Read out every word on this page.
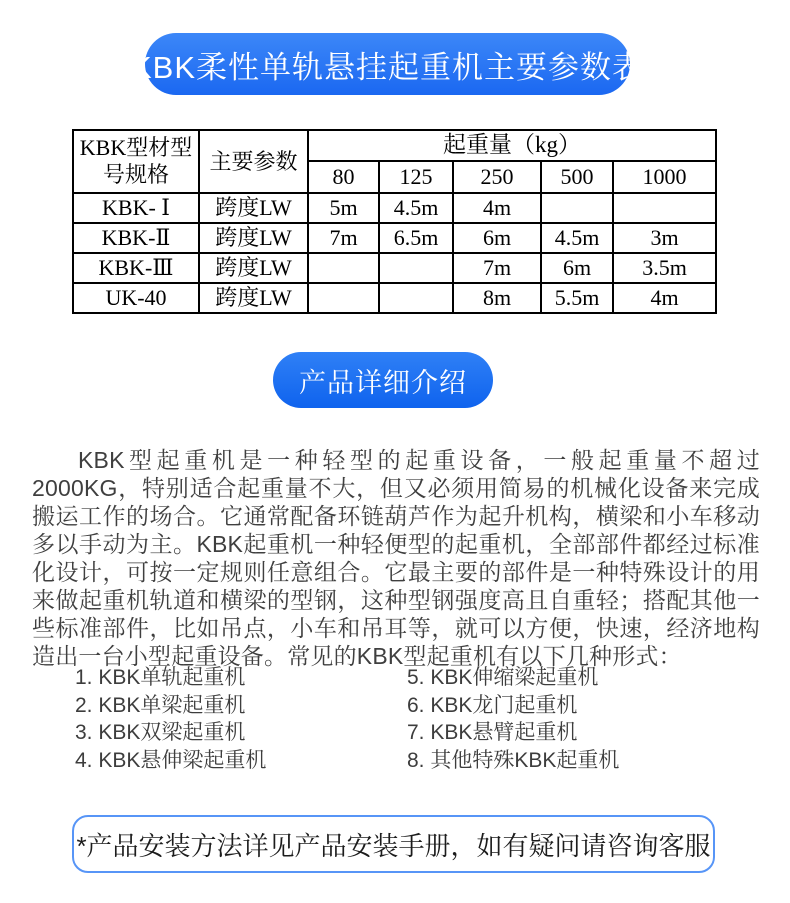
KBK柔性单轨悬挂起重机主要参数表
KBK型材型号规格	主要参数	起重量（kg）				
		80	125	250	500	1000
KBK- Ⅰ	跨度LW	5m	4.5m	4m		
KBK-Ⅱ	跨度LW	7m	6.5m	6m	4.5m	3m
KBK-Ⅲ	跨度LW			7m	6m	3.5m
UK-40	跨度LW			8m	5.5m	4m
产品详细介绍

KBK型起重机是一种轻型的起重设备，一般起重量不超过2000KG，特别适合起重量不大，但又必须用简易的机械化设备来完成搬运工作的场合。它通常配备环链葫芦作为起升机构，横梁和小车移动多以手动为主。KBK起重机一种轻便型的起重机，全部部件都经过标准化设计，可按一定规则任意组合。它最主要的部件是一种特殊设计的用来做起重机轨道和横梁的型钢，这种型钢强度高且自重轻；搭配其他一些标准部件，比如吊点，小车和吊耳等，就可以方便，快速，经济地构造出一台小型起重设备。常见的KBK型起重机有以下几种形式：

1. KBK单轨起重机
2. KBK单梁起重机
3. KBK双梁起重机
4. KBK悬伸梁起重机
5. KBK伸缩梁起重机
6. KBK龙门起重机
7. KBK悬臂起重机
8. 其他特殊KBK起重机
*产品安装方法详见产品安装手册，如有疑问请咨询客服
